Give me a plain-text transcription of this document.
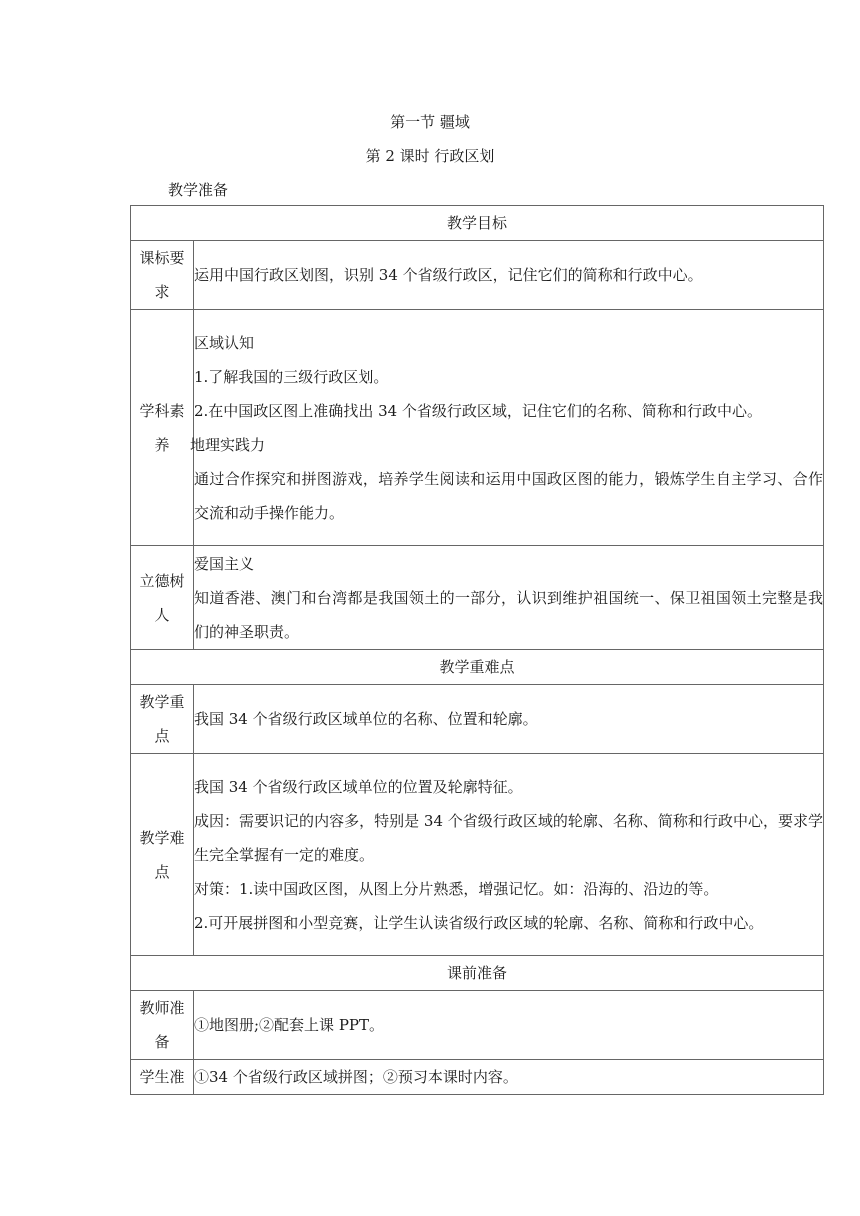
第一节 疆域
第 2 课时 行政区划
教学准备
教学目标	

课标要
求	运用中国行政区划图，识别 34 个省级行政区，记住它们的简称和行政中心。

学科素
养	区域认知
1.了解我国的三级行政区划。
2.在中国政区图上准确找出 34 个省级行政区域，记住它们的名称、简称和行政中心。
地理实践力
通过合作探究和拼图游戏，培养学生阅读和运用中国政区图的能力，锻炼学生自主学习、合作交流和动手操作能力。

立德树
人	爱国主义
知道香港、澳门和台湾都是我国领土的一部分，认识到维护祖国统一、保卫祖国领土完整是我们的神圣职责。

教学重难点	

教学重
点	我国 34 个省级行政区域单位的名称、位置和轮廓。

教学难
点	我国 34 个省级行政区域单位的位置及轮廓特征。
成因：需要识记的内容多，特别是 34 个省级行政区域的轮廓、名称、简称和行政中心，要求学生完全掌握有一定的难度。
对策：1.读中国政区图，从图上分片熟悉，增强记忆。如：沿海的、沿边的等。
2.可开展拼图和小型竞赛，让学生认读省级行政区域的轮廓、名称、简称和行政中心。

课前准备	

教师准
备	①地图册;②配套上课 PPT。
学生准	①34 个省级行政区域拼图；②预习本课时内容。
